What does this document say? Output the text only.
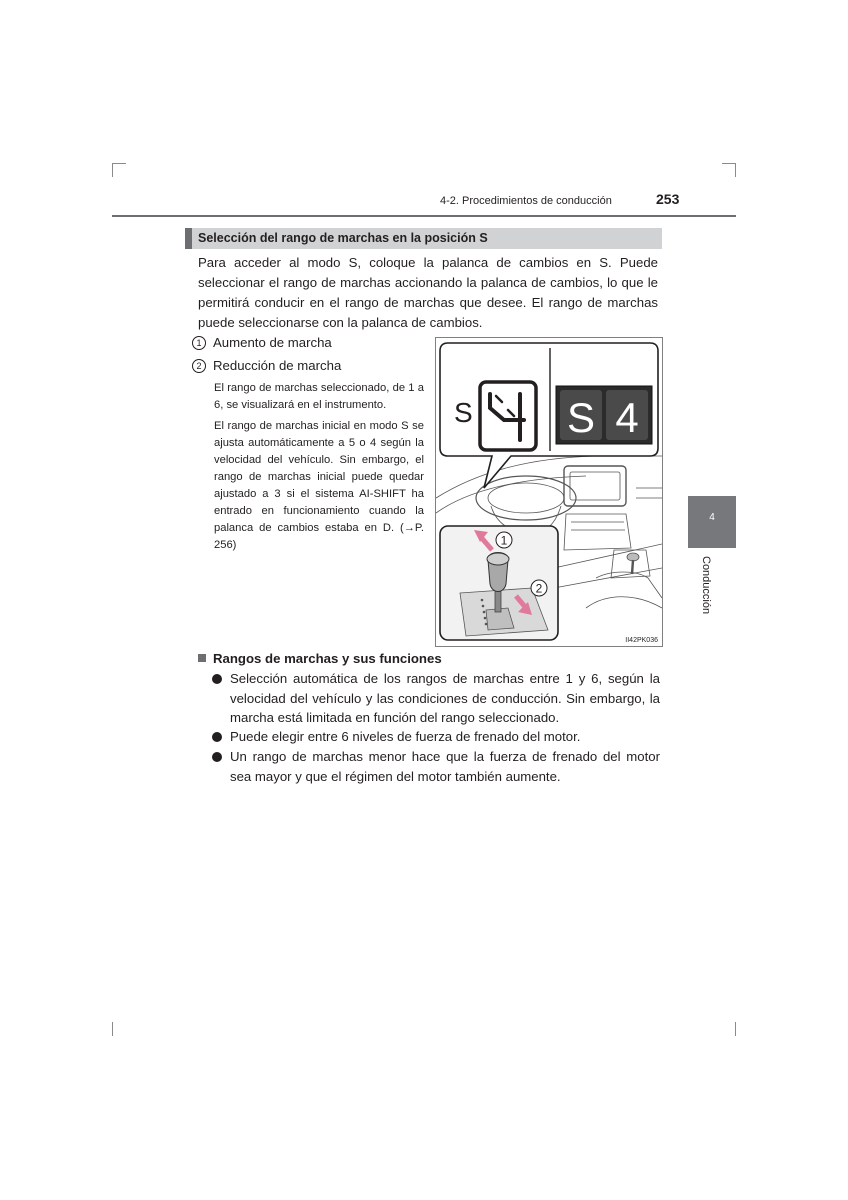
4-2. Procedimientos de conducción	253
4
Conducción
Selección del rango de marchas en la posición S
Para acceder al modo S, coloque la palanca de cambios en S. Puede seleccionar el rango de marchas accionando la palanca de cambios, lo que le permitirá conducir en el rango de marchas que desee. El rango de marchas puede seleccionarse con la palanca de cambios.
1 Aumento de marcha
2 Reducción de marcha
El rango de marchas seleccionado, de 1 a 6, se visualizará en el instrumento.
El rango de marchas inicial en modo S se ajusta automáticamente a 5 o 4 según la velocidad del vehículo. Sin embargo, el rango de marchas inicial puede quedar ajustado a 3 si el sistema AI-SHIFT ha entrado en funcionamiento cuando la palanca de cambios estaba en D. (→P. 256)
S S 4
1
2
II42PK036
Rangos de marchas y sus funciones
Selección automática de los rangos de marchas entre 1 y 6, según la velocidad del vehículo y las condiciones de conducción. Sin embargo, la marcha está limitada en función del rango seleccionado.
Puede elegir entre 6 niveles de fuerza de frenado del motor.
Un rango de marchas menor hace que la fuerza de frenado del motor sea mayor y que el régimen del motor también aumente.
